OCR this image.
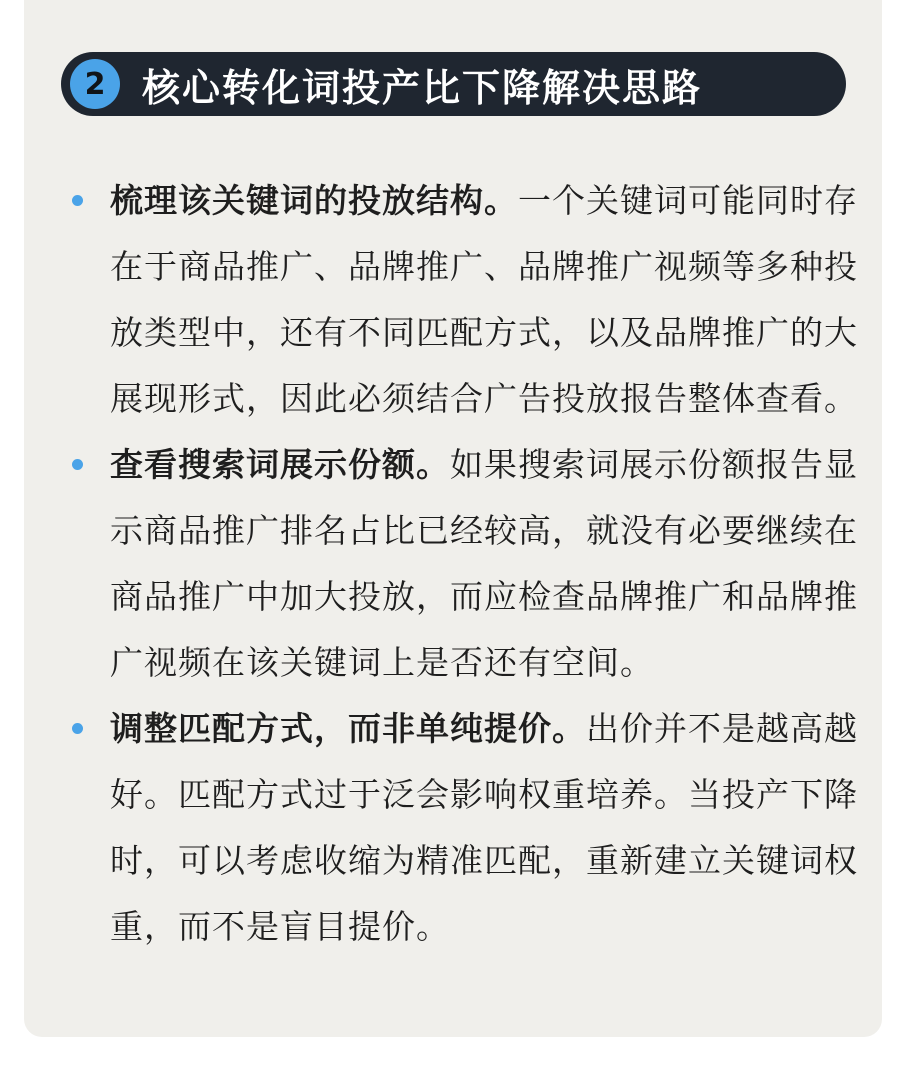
2 核心转化词投产比下降解决思路
梳理该关键词的投放结构。一个关键词可能同时存在于商品推广、品牌推广、品牌推广视频等多种投放类型中，还有不同匹配方式，以及品牌推广的大展现形式，因此必须结合广告投放报告整体查看。
查看搜索词展示份额。如果搜索词展示份额报告显示商品推广排名占比已经较高，就没有必要继续在商品推广中加大投放，而应检查品牌推广和品牌推广视频在该关键词上是否还有空间。
调整匹配方式，而非单纯提价。出价并不是越高越好。匹配方式过于泛会影响权重培养。当投产下降时，可以考虑收缩为精准匹配，重新建立关键词权重，而不是盲目提价。
